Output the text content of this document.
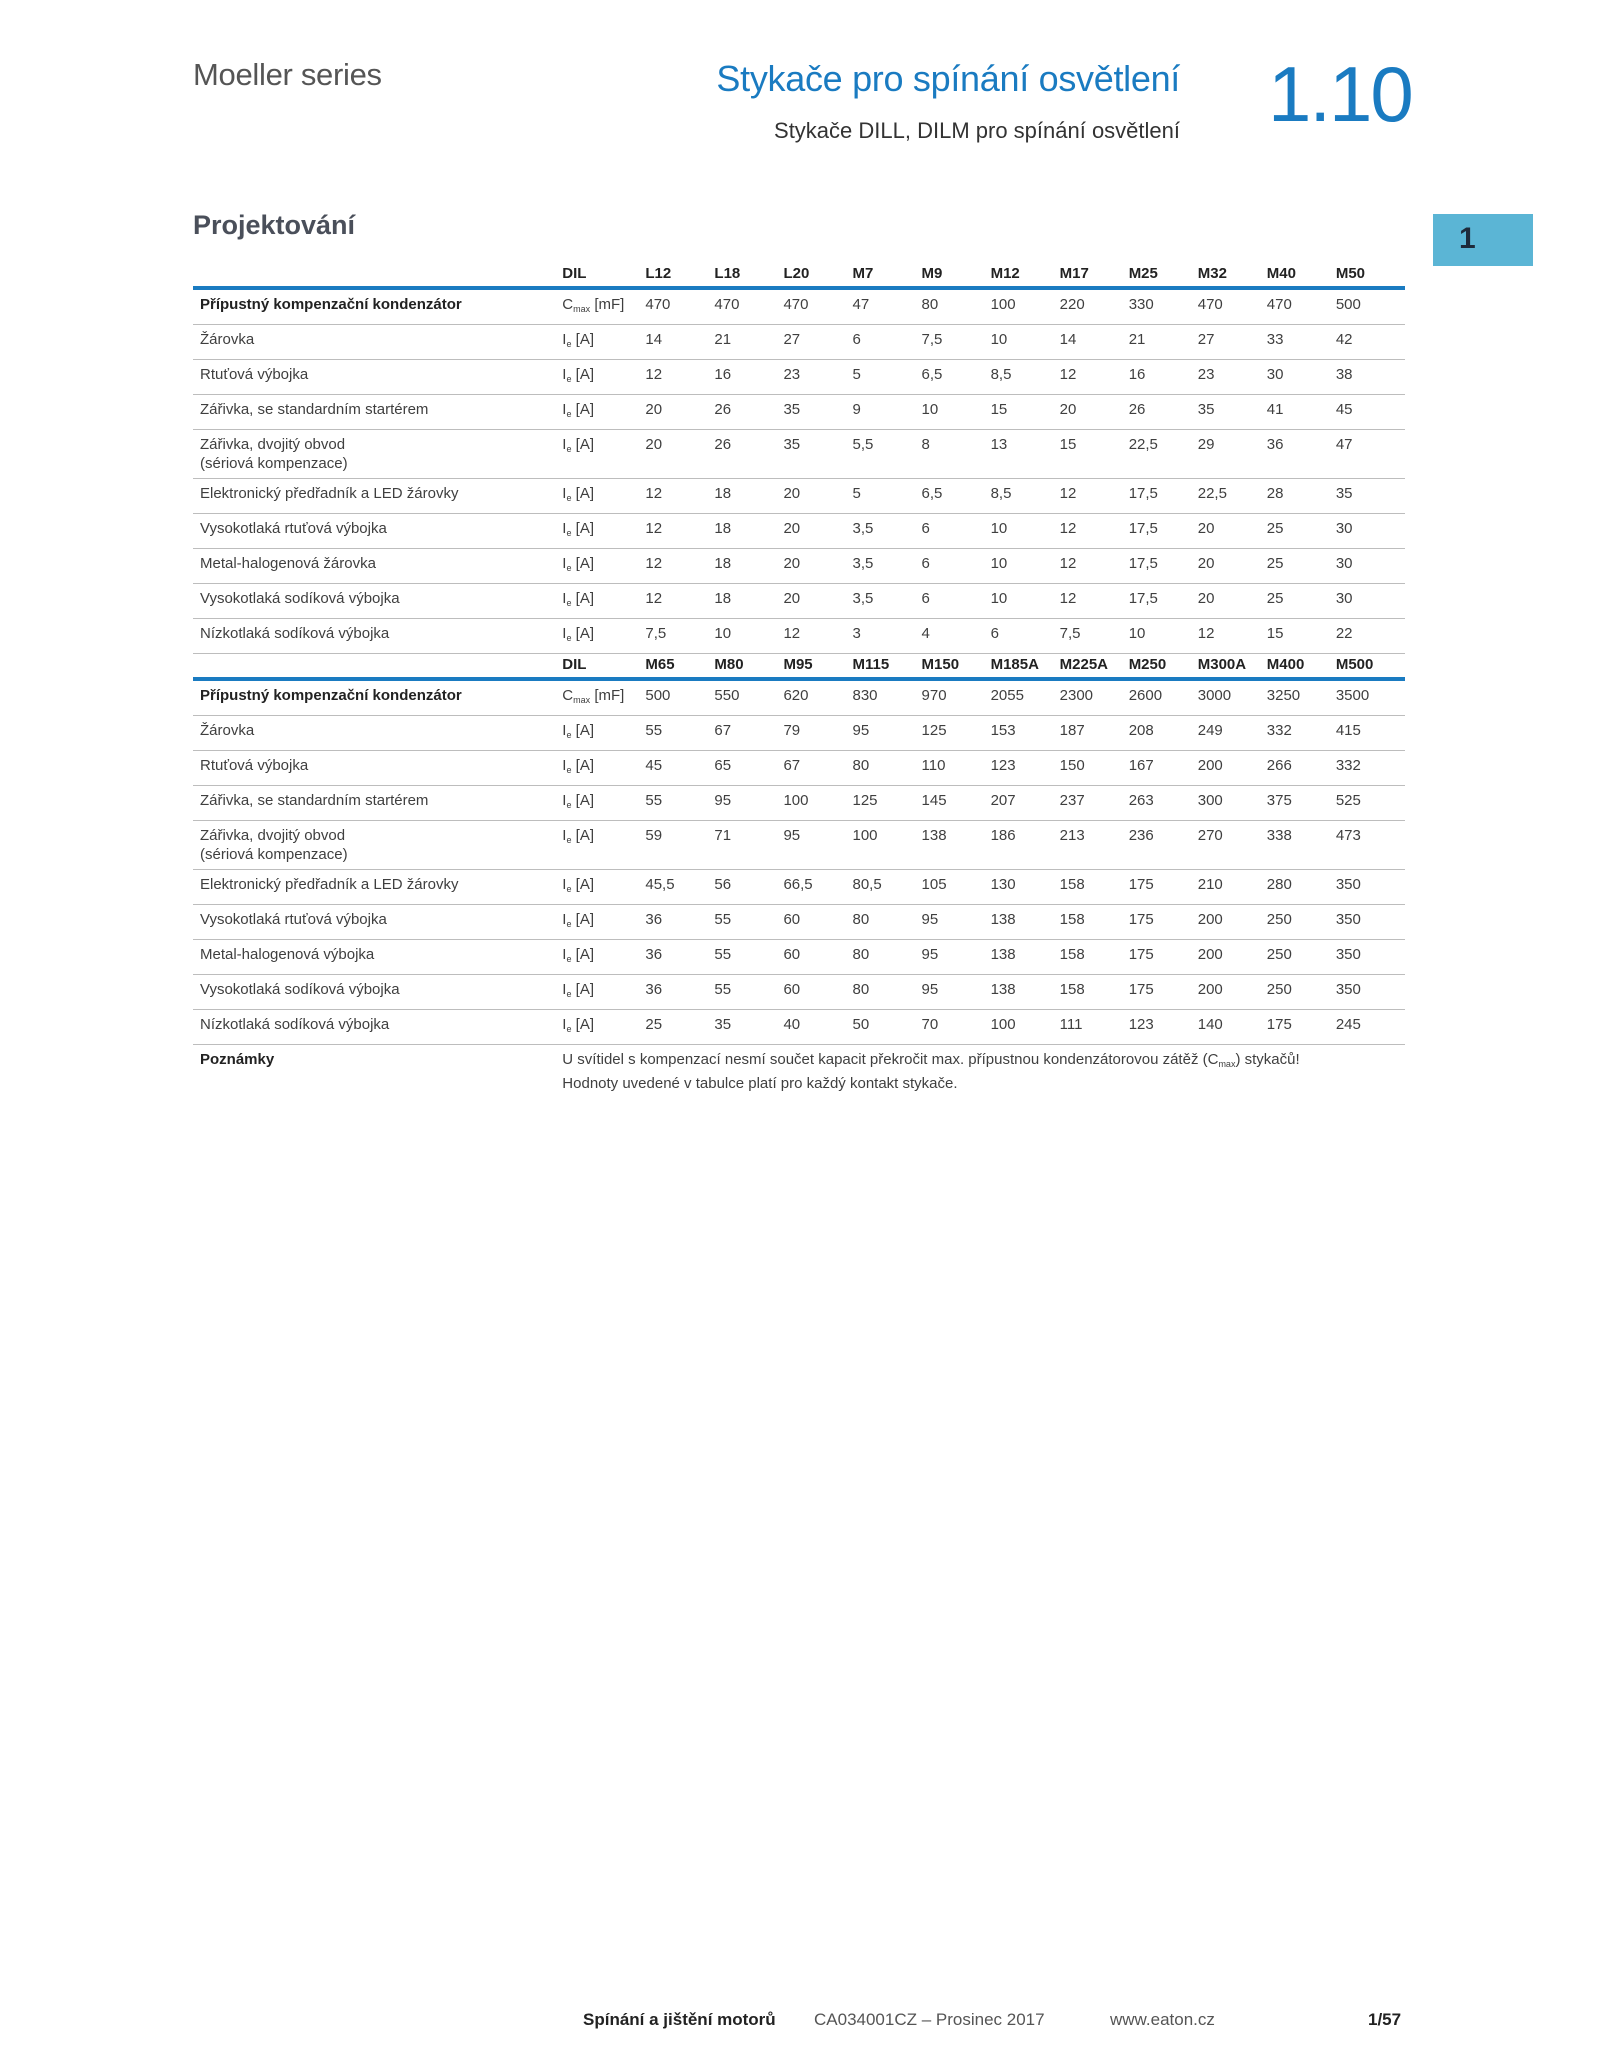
Moeller series	Stykače pro spínání osvětlení
Stykače DILL, DILM pro spínání osvětlení 1.10
1
Projektování
	DIL	L12	L18	L20	M7	M9	M12	M17	M25	M32	M40	M50
Přípustný kompenzační kondenzátor	$C_{max}$ [mF]	470	470	470	47	80	100	220	330	470	470	500
Žárovka	$I_e$ [A]	14	21	27	6	7,5	10	14	21	27	33	42
Rtuťová výbojka	$I_e$ [A]	12	16	23	5	6,5	8,5	12	16	23	30	38
Zářivka, se standardním startérem	$I_e$ [A]	20	26	35	9	10	15	20	26	35	41	45
Zářivka, dvojitý obvod
(sériová kompenzace)	$I_e$ [A]	20	26	35	5,5	8	13	15	22,5	29	36	47
Elektronický předřadník a LED žárovky	$I_e$ [A]	12	18	20	5	6,5	8,5	12	17,5	22,5	28	35
Vysokotlaká rtuťová výbojka	$I_e$ [A]	12	18	20	3,5	6	10	12	17,5	20	25	30
Metal-halogenová žárovka	$I_e$ [A]	12	18	20	3,5	6	10	12	17,5	20	25	30
Vysokotlaká sodíková výbojka	$I_e$ [A]	12	18	20	3,5	6	10	12	17,5	20	25	30
Nízkotlaká sodíková výbojka	$I_e$ [A]	7,5	10	12	3	4	6	7,5	10	12	15	22
	DIL	M65	M80	M95	M115	M150	M185A	M225A	M250	M300A	M400	M500
Přípustný kompenzační kondenzátor	$C_{max}$ [mF]	500	550	620	830	970	2055	2300	2600	3000	3250	3500
Žárovka	$I_e$ [A]	55	67	79	95	125	153	187	208	249	332	415
Rtuťová výbojka	$I_e$ [A]	45	65	67	80	110	123	150	167	200	266	332
Zářivka, se standardním startérem	$I_e$ [A]	55	95	100	125	145	207	237	263	300	375	525
Zářivka, dvojitý obvod
(sériová kompenzace)	$I_e$ [A]	59	71	95	100	138	186	213	236	270	338	473
Elektronický předřadník a LED žárovky	$I_e$ [A]	45,5	56	66,5	80,5	105	130	158	175	210	280	350
Vysokotlaká rtuťová výbojka	$I_e$ [A]	36	55	60	80	95	138	158	175	200	250	350
Metal-halogenová výbojka	$I_e$ [A]	36	55	60	80	95	138	158	175	200	250	350
Vysokotlaká sodíková výbojka	$I_e$ [A]	36	55	60	80	95	138	158	175	200	250	350
Nízkotlaká sodíková výbojka	$I_e$ [A]	25	35	40	50	70	100	111	123	140	175	245
Poznámky	U svítidel s kompenzací nesmí součet kapacit překročit max. přípustnou kondenzátorovou zátěž $(C_{max})$ stykačů!
Hodnoty uvedené v tabulce platí pro každý kontakt stykače.											
Spínání a jištění motorů CA034001CZ – Prosinec 2017	www.eaton.cz	1/57
